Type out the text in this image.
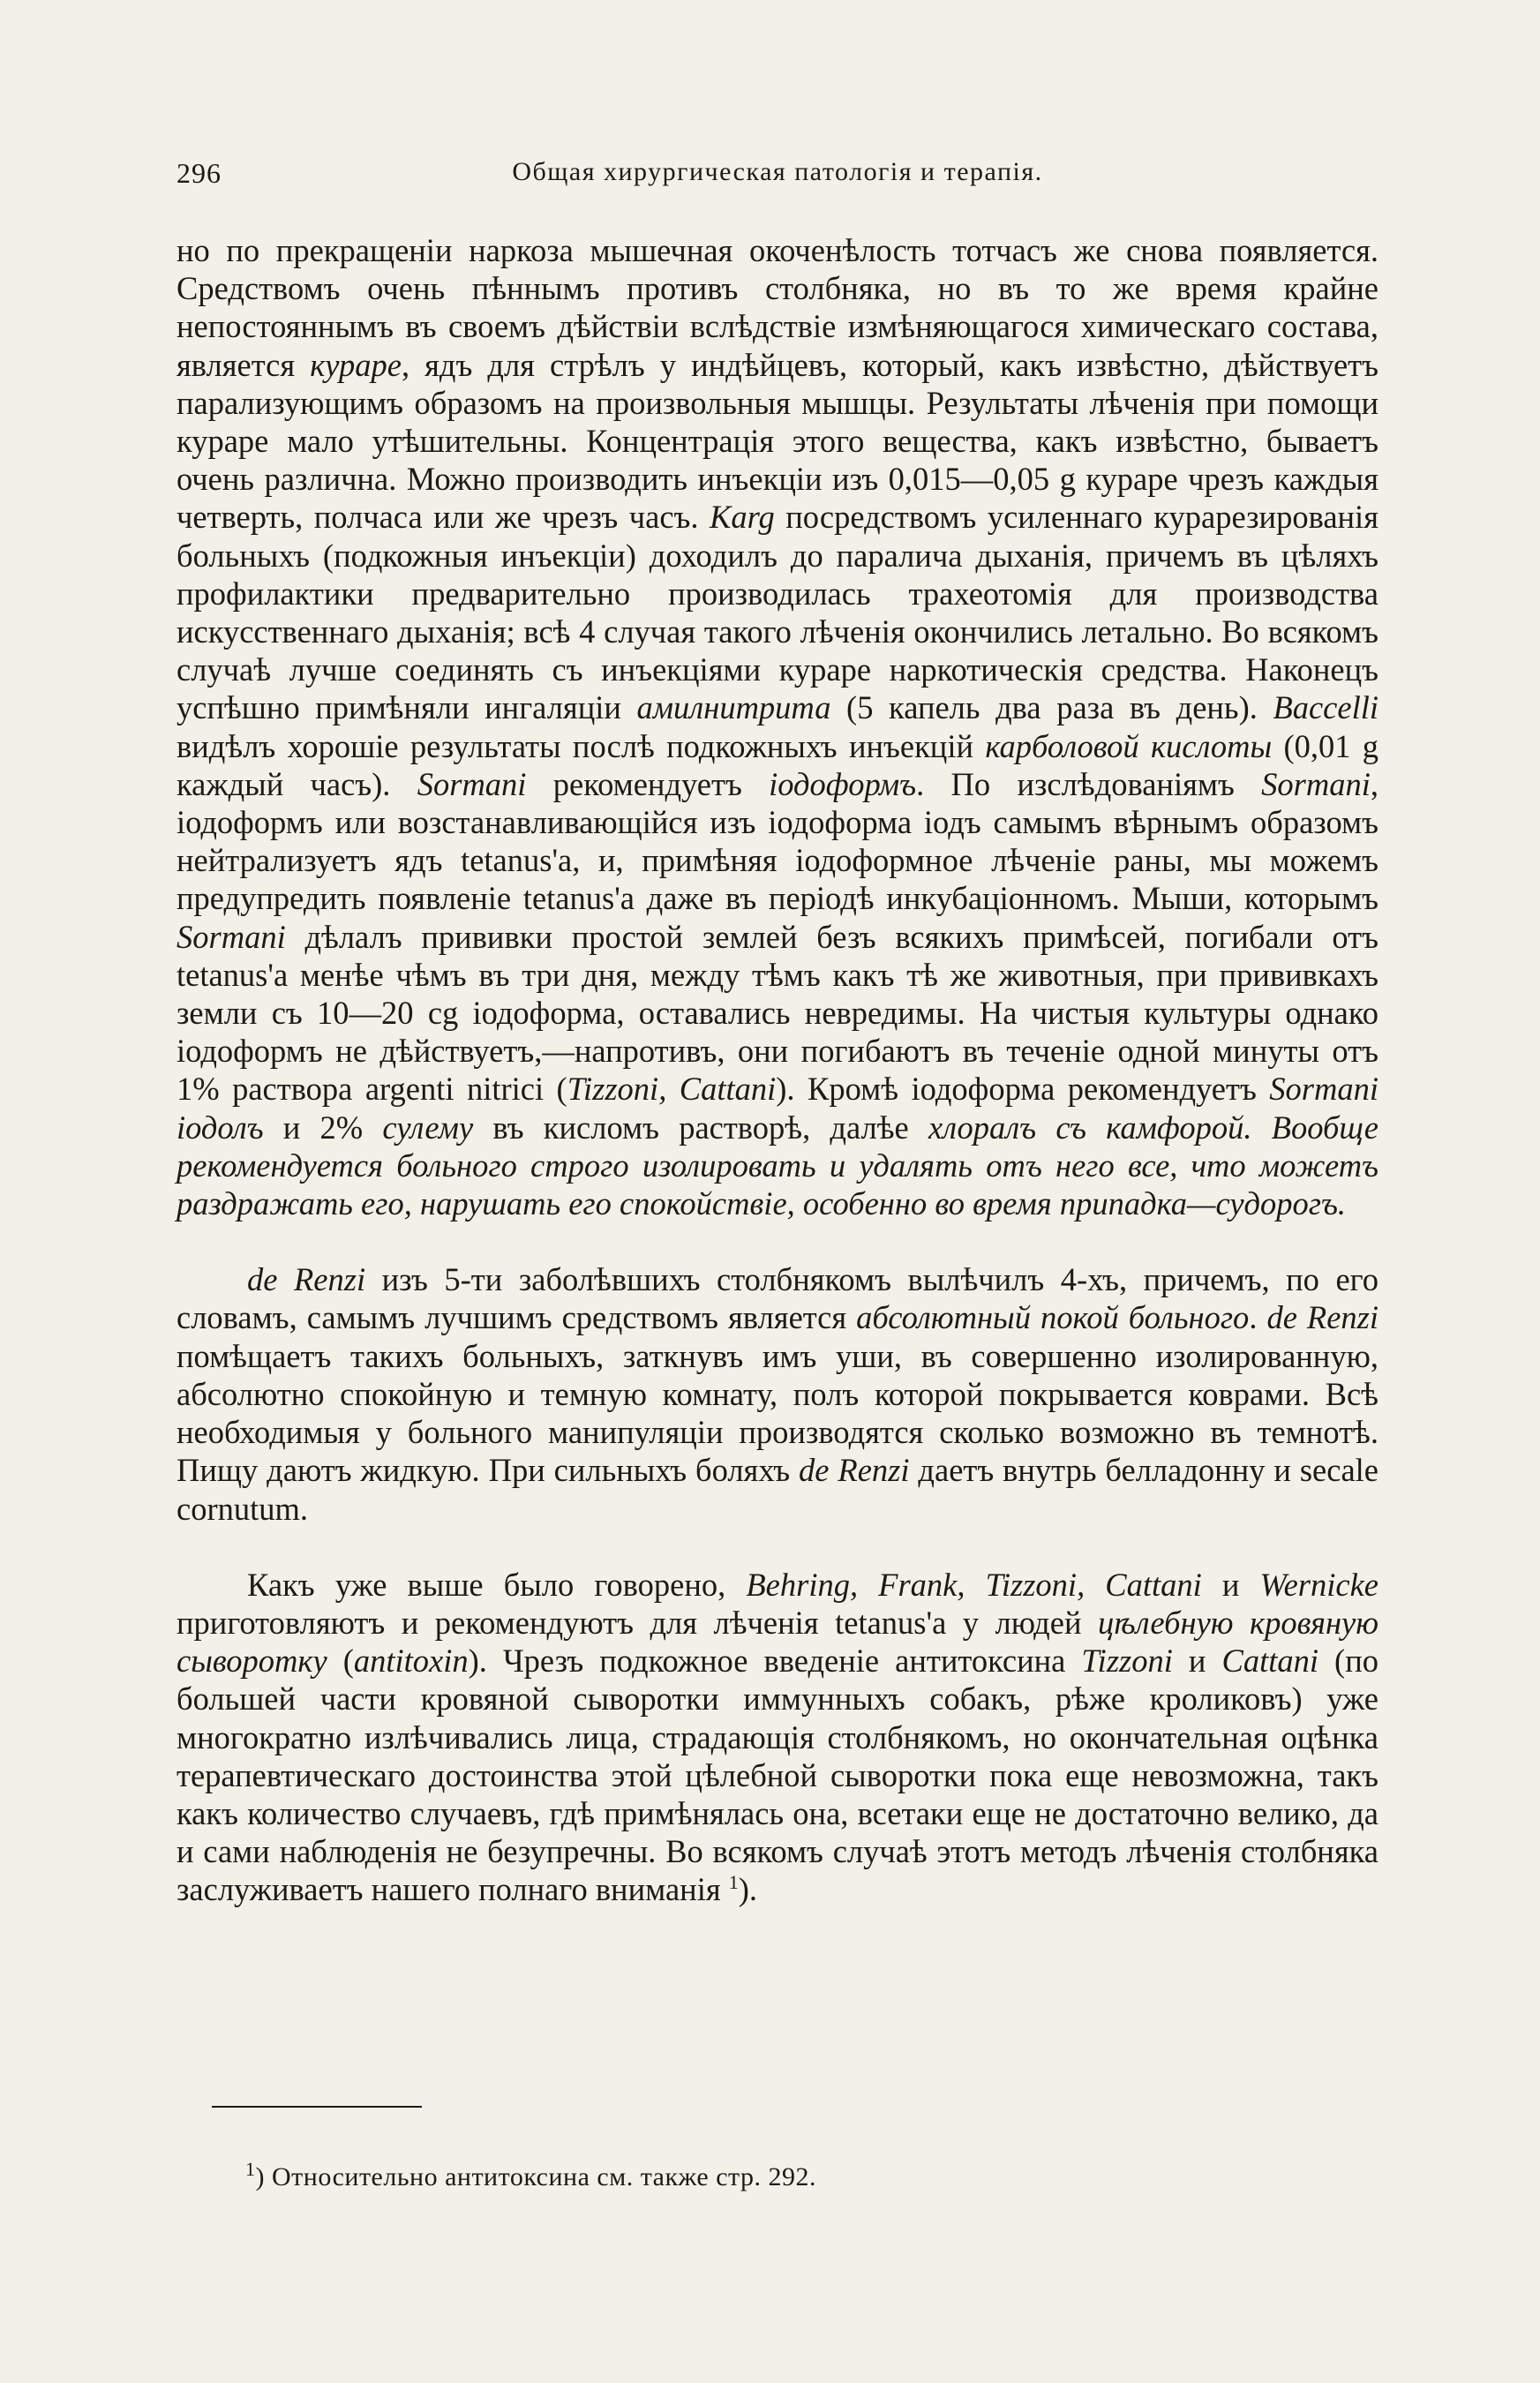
296	Общая хирургическая патологія и терапія.

но по прекращеніи наркоза мышечная окоченѣлость тотчасъ же снова появляется. Средствомъ очень пѣннымъ противъ столбняка, но въ то же время крайне непостояннымъ въ своемъ дѣйствіи вслѣдствіе измѣняющагося химическаго состава, является кураре, ядъ для стрѣлъ у индѣйцевъ, который, какъ извѣстно, дѣйствуетъ парализующимъ образомъ на произвольныя мышцы. Результаты лѣченія при помощи кураре мало утѣшительны. Концентрація этого вещества, какъ извѣстно, бываетъ очень различна. Можно производить инъекціи изъ 0,015—0,05 g кураре чрезъ каждыя четверть, полчаса или же чрезъ часъ. Karg посредствомъ усиленнаго курарезированія больныхъ (подкожныя инъекціи) доходилъ до паралича дыханія, причемъ въ цѣляхъ профилактики предварительно производилась трахеотомія для производства искусственнаго дыханія; всѣ 4 случая такого лѣченія окончились летально. Во всякомъ случаѣ лучше соединять съ инъекціями кураре наркотическія средства. Наконецъ успѣшно примѣняли ингаляціи амилнитрита (5 капель два раза въ день). Baccelli видѣлъ хорошіе результаты послѣ подкожныхъ инъекцій карболовой кислоты (0,01 g каждый часъ). Sormani рекомендуетъ іодоформъ. По изслѣдованіямъ Sormani, іодоформъ или возстанавливающійся изъ іодоформа іодъ самымъ вѣрнымъ образомъ нейтрализуетъ ядъ tetanus'а, и, примѣняя іодоформное лѣченіе раны, мы можемъ предупредить появленіе tetanus'а даже въ періодѣ инкубаціонномъ. Мыши, которымъ Sormani дѣлалъ прививки простой землей безъ всякихъ примѣсей, погибали отъ tetanus'а менѣе чѣмъ въ три дня, между тѣмъ какъ тѣ же животныя, при прививкахъ земли съ 10—20 cg іодоформа, оставались невредимы. На чистыя культуры однако іодоформъ не дѣйствуетъ,—напротивъ, они погибаютъ въ теченіе одной минуты отъ 1% раствора argenti nitrici (Tizzoni, Cattani). Кромѣ іодоформа рекомендуетъ Sormani іодолъ и 2% сулему въ кисломъ растворѣ, далѣе хлоралъ съ камфорой. Вообще рекомендуется больного строго изолировать и удалять отъ него все, что можетъ раздражать его, нарушать его спокойствіе, особенно во время припадка—судорогъ.

de Renzi изъ 5-ти заболѣвшихъ столбнякомъ вылѣчилъ 4-хъ, причемъ, по его словамъ, самымъ лучшимъ средствомъ является абсолютный покой больного. de Renzi помѣщаетъ такихъ больныхъ, заткнувъ имъ уши, въ совершенно изолированную, абсолютно спокойную и темную комнату, полъ которой покрывается коврами. Всѣ необходимыя у больного манипуляціи производятся сколько возможно въ темнотѣ. Пищу даютъ жидкую. При сильныхъ боляхъ de Renzi даетъ внутрь белладонну и secale cornutum.

Какъ уже выше было говорено, Behring, Frank, Tizzoni, Cattani и Wernicke приготовляютъ и рекомендуютъ для лѣченія tetanus'а у людей цѣлебную кровяную сыворотку (antitoxin). Чрезъ подкожное введеніе антитоксина Tizzoni и Cattani (по большей части кровяной сыворотки иммунныхъ собакъ, рѣже кроликовъ) уже многократно излѣчивались лица, страдающія столбнякомъ, но окончательная оцѣнка терапевтическаго достоинства этой цѣлебной сыворотки пока еще невозможна, такъ какъ количество случаевъ, гдѣ примѣнялась она, всетаки еще не достаточно велико, да и сами наблюденія не безупречны. Во всякомъ случаѣ этотъ методъ лѣченія столбняка заслуживаетъ нашего полнаго вниманія $^1$).

$^1$) Относительно антитоксина см. также стр. 292.
